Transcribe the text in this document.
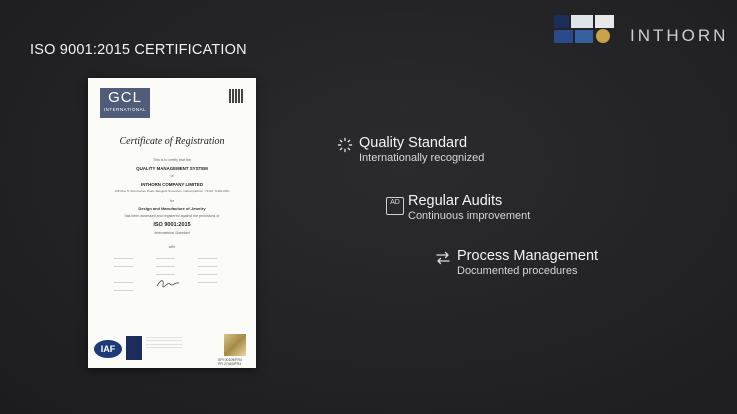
ISO 9001:2015 CERTIFICATION
INTHORN
GCL
INTERNATIONAL
Certificate of Registration
This is to certify that the
QUALITY MANAGEMENT SYSTEM
of
INTHORN COMPANY LIMITED
128 Moo 5, Rommanee Road, Bangkok Sumethon, Nakornpathom, 73110, THAILAND
for
Design and Manufacture of Jewelry
has been assessed and registered against the provisions of
ISO 9001:2015
International Standard
with
——————	——————	——————
——————	——————	——————

——————	——————
——————
	——————
——————

IAF
——————————————
——————————————
——————————————
——————————————
SPI 00109/FR4
PR 27469/FR4
Quality Standard
Internationally recognized
AD Regular Audits
Continuous improvement
Process Management
Documented procedures
